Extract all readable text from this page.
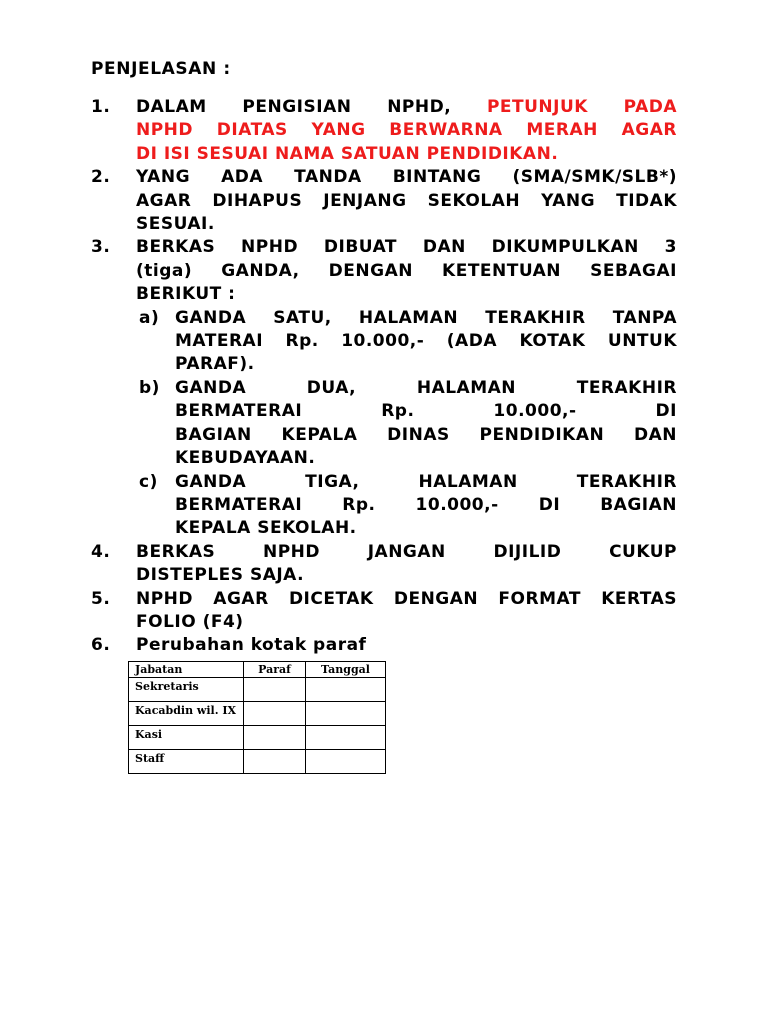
PENJELASAN :
1. DALAM PENGISIAN NPHD, PETUNJUK PADA
NPHD DIATAS YANG BERWARNA MERAH AGAR
DI ISI SESUAI NAMA SATUAN PENDIDIKAN.
2. YANG ADA TANDA BINTANG (SMA/SMK/SLB*)
AGAR DIHAPUS JENJANG SEKOLAH YANG TIDAK
SESUAI.
3. BERKAS NPHD DIBUAT DAN DIKUMPULKAN 3
(tiga) GANDA, DENGAN KETENTUAN SEBAGAI
BERIKUT :
a) GANDA SATU, HALAMAN TERAKHIR TANPA
MATERAI Rp. 10.000,- (ADA KOTAK UNTUK
PARAF).
b) GANDA DUA, HALAMAN TERAKHIR
BERMATERAI Rp. 10.000,- DI
BAGIAN KEPALA DINAS PENDIDIKAN DAN
KEBUDAYAAN.
c) GANDA TIGA, HALAMAN TERAKHIR
BERMATERAI Rp. 10.000,- DI BAGIAN
KEPALA SEKOLAH.
4. BERKAS NPHD JANGAN DIJILID CUKUP
DISTEPLES SAJA.
5. NPHD AGAR DICETAK DENGAN FORMAT KERTAS
FOLIO (F4)
6. Perubahan kotak paraf
Jabatan	Paraf	Tanggal
Sekretaris		
Kacabdin wil. IX		
Kasi		
Staff		
